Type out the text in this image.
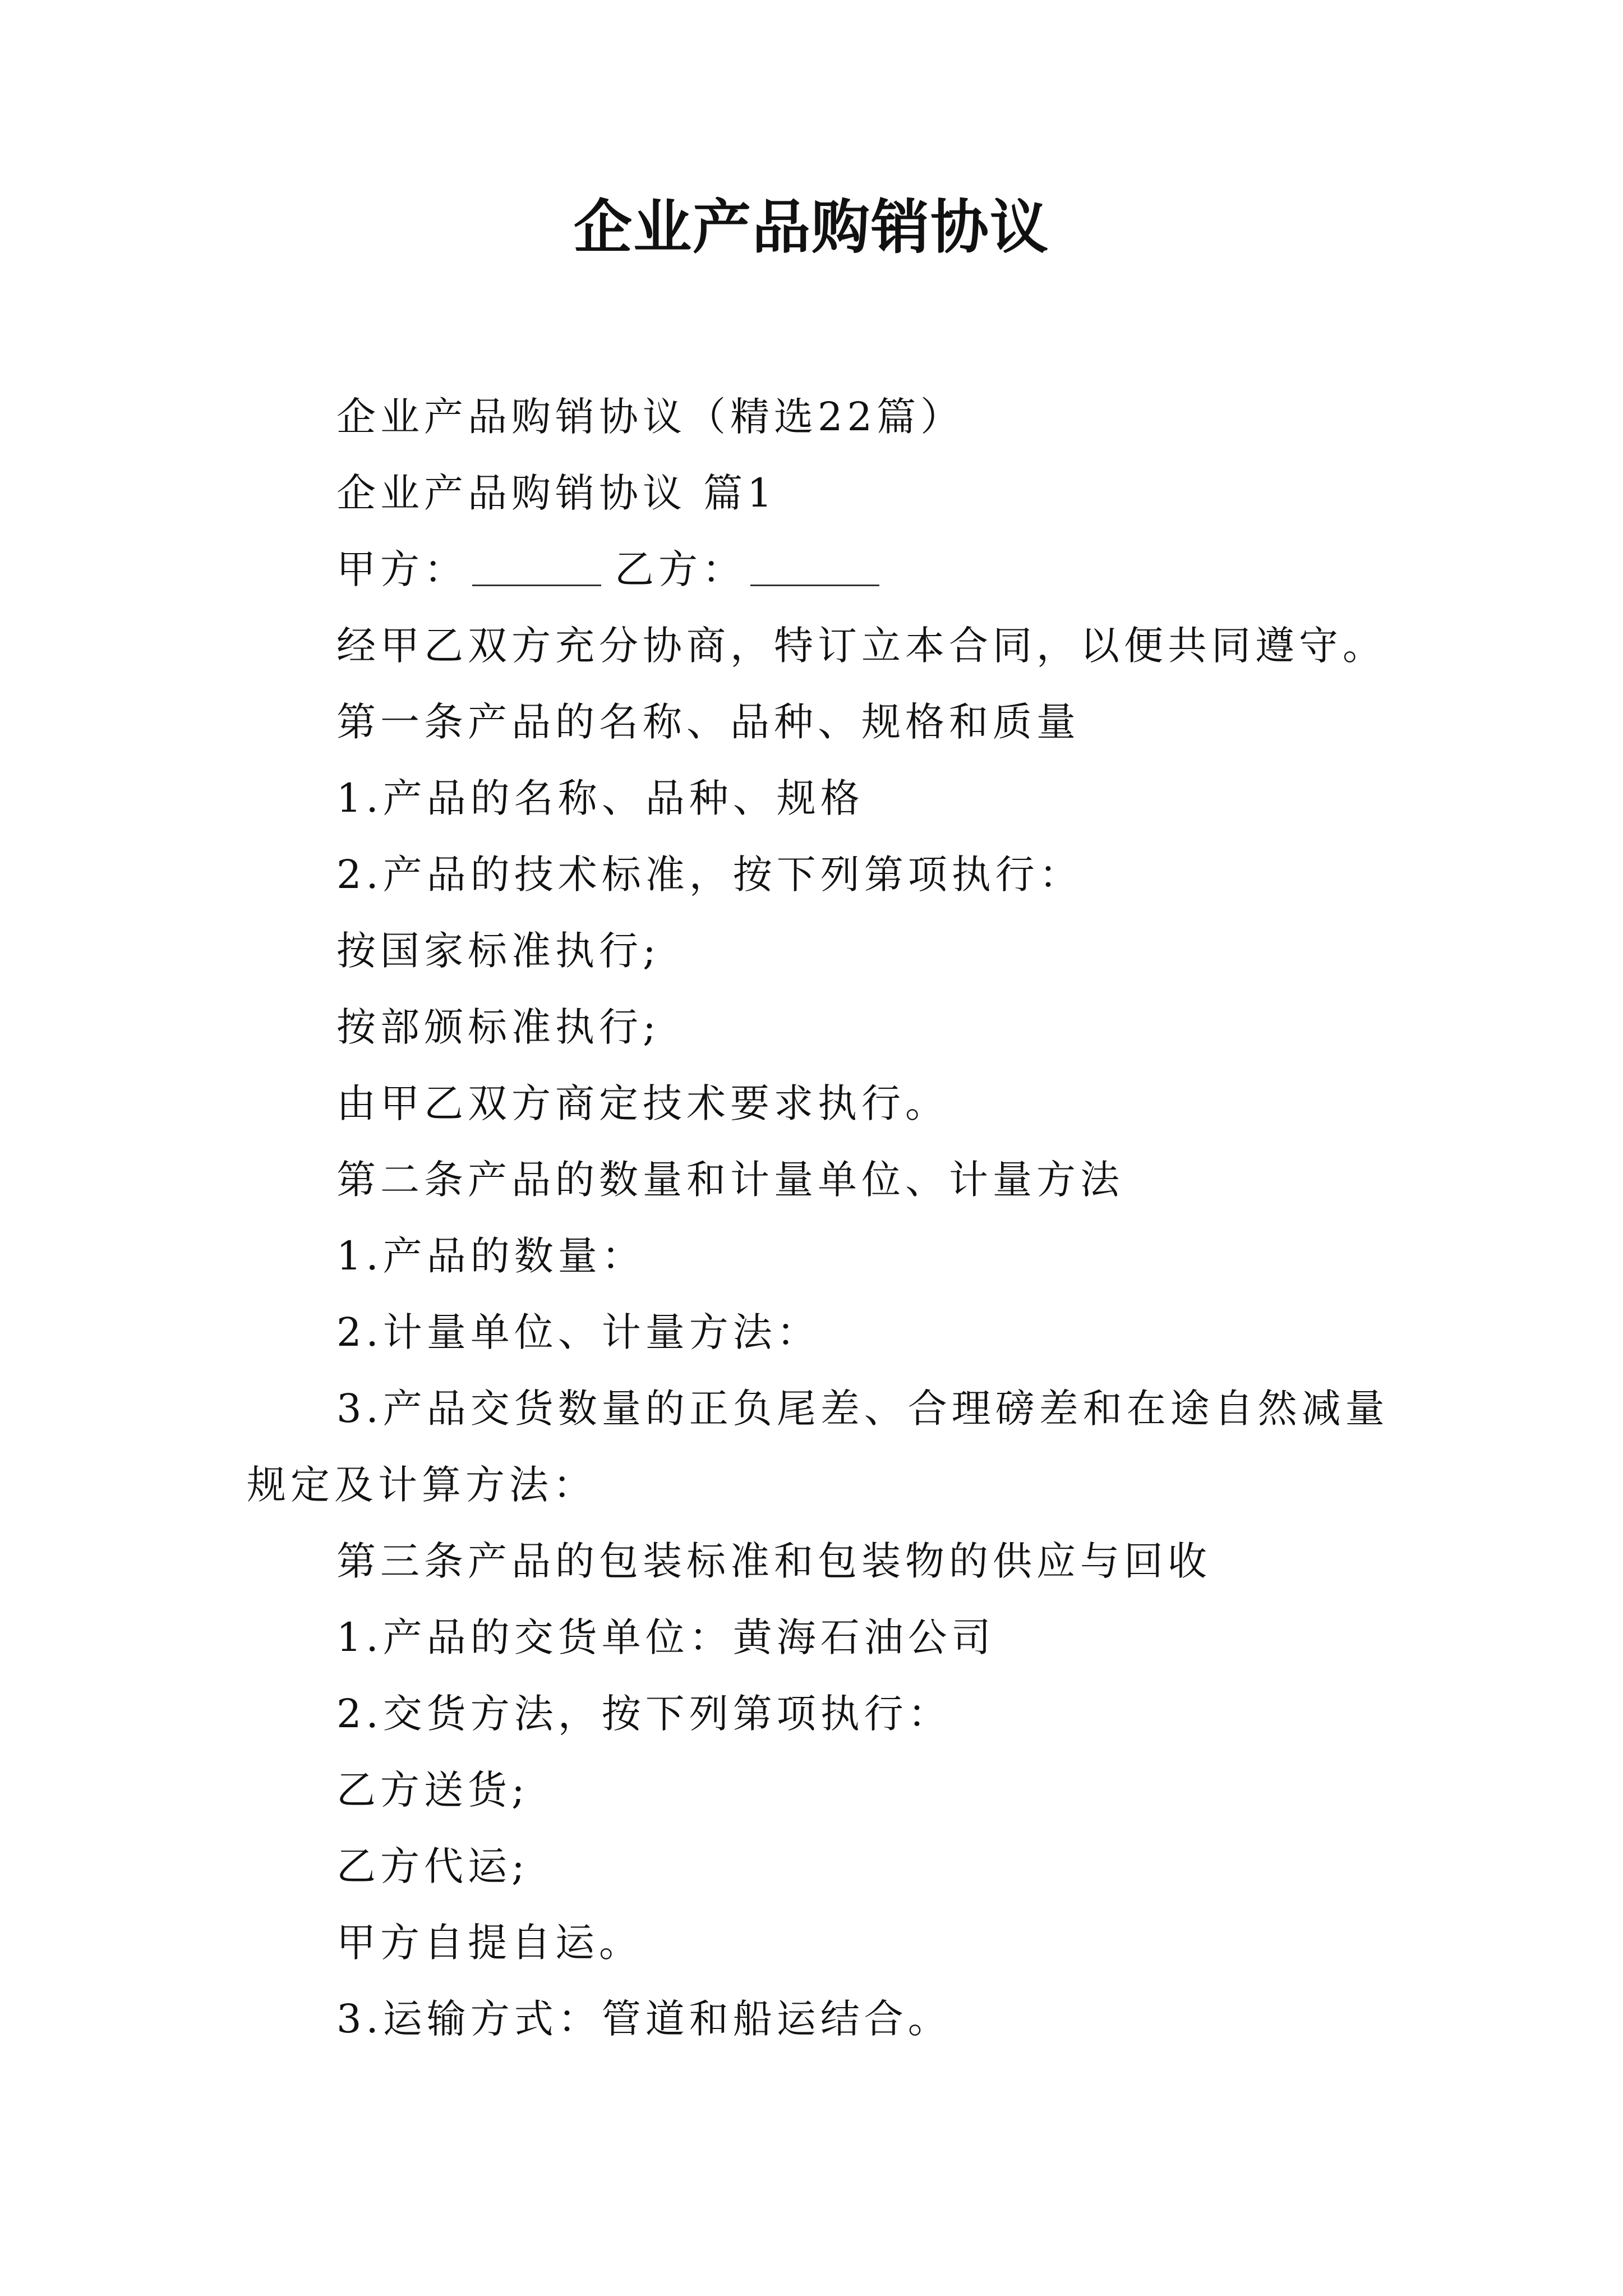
企业产品购销协议
企业产品购销协议（精选22篇）
企业产品购销协议 篇1
甲方：	乙方：
经甲乙双方充分协商，特订立本合同，以便共同遵守。
第一条产品的名称、品种、规格和质量
1.产品的名称、品种、规格
2.产品的技术标准，按下列第项执行：
按国家标准执行;
按部颁标准执行;
由甲乙双方商定技术要求执行。
第二条产品的数量和计量单位、计量方法
1.产品的数量：
2.计量单位、计量方法：
3.产品交货数量的正负尾差、合理磅差和在途自然减量
规定及计算方法：
第三条产品的包装标准和包装物的供应与回收
1.产品的交货单位：黄海石油公司
2.交货方法，按下列第项执行：
乙方送货;
乙方代运;
甲方自提自运。
3.运输方式：管道和船运结合。
